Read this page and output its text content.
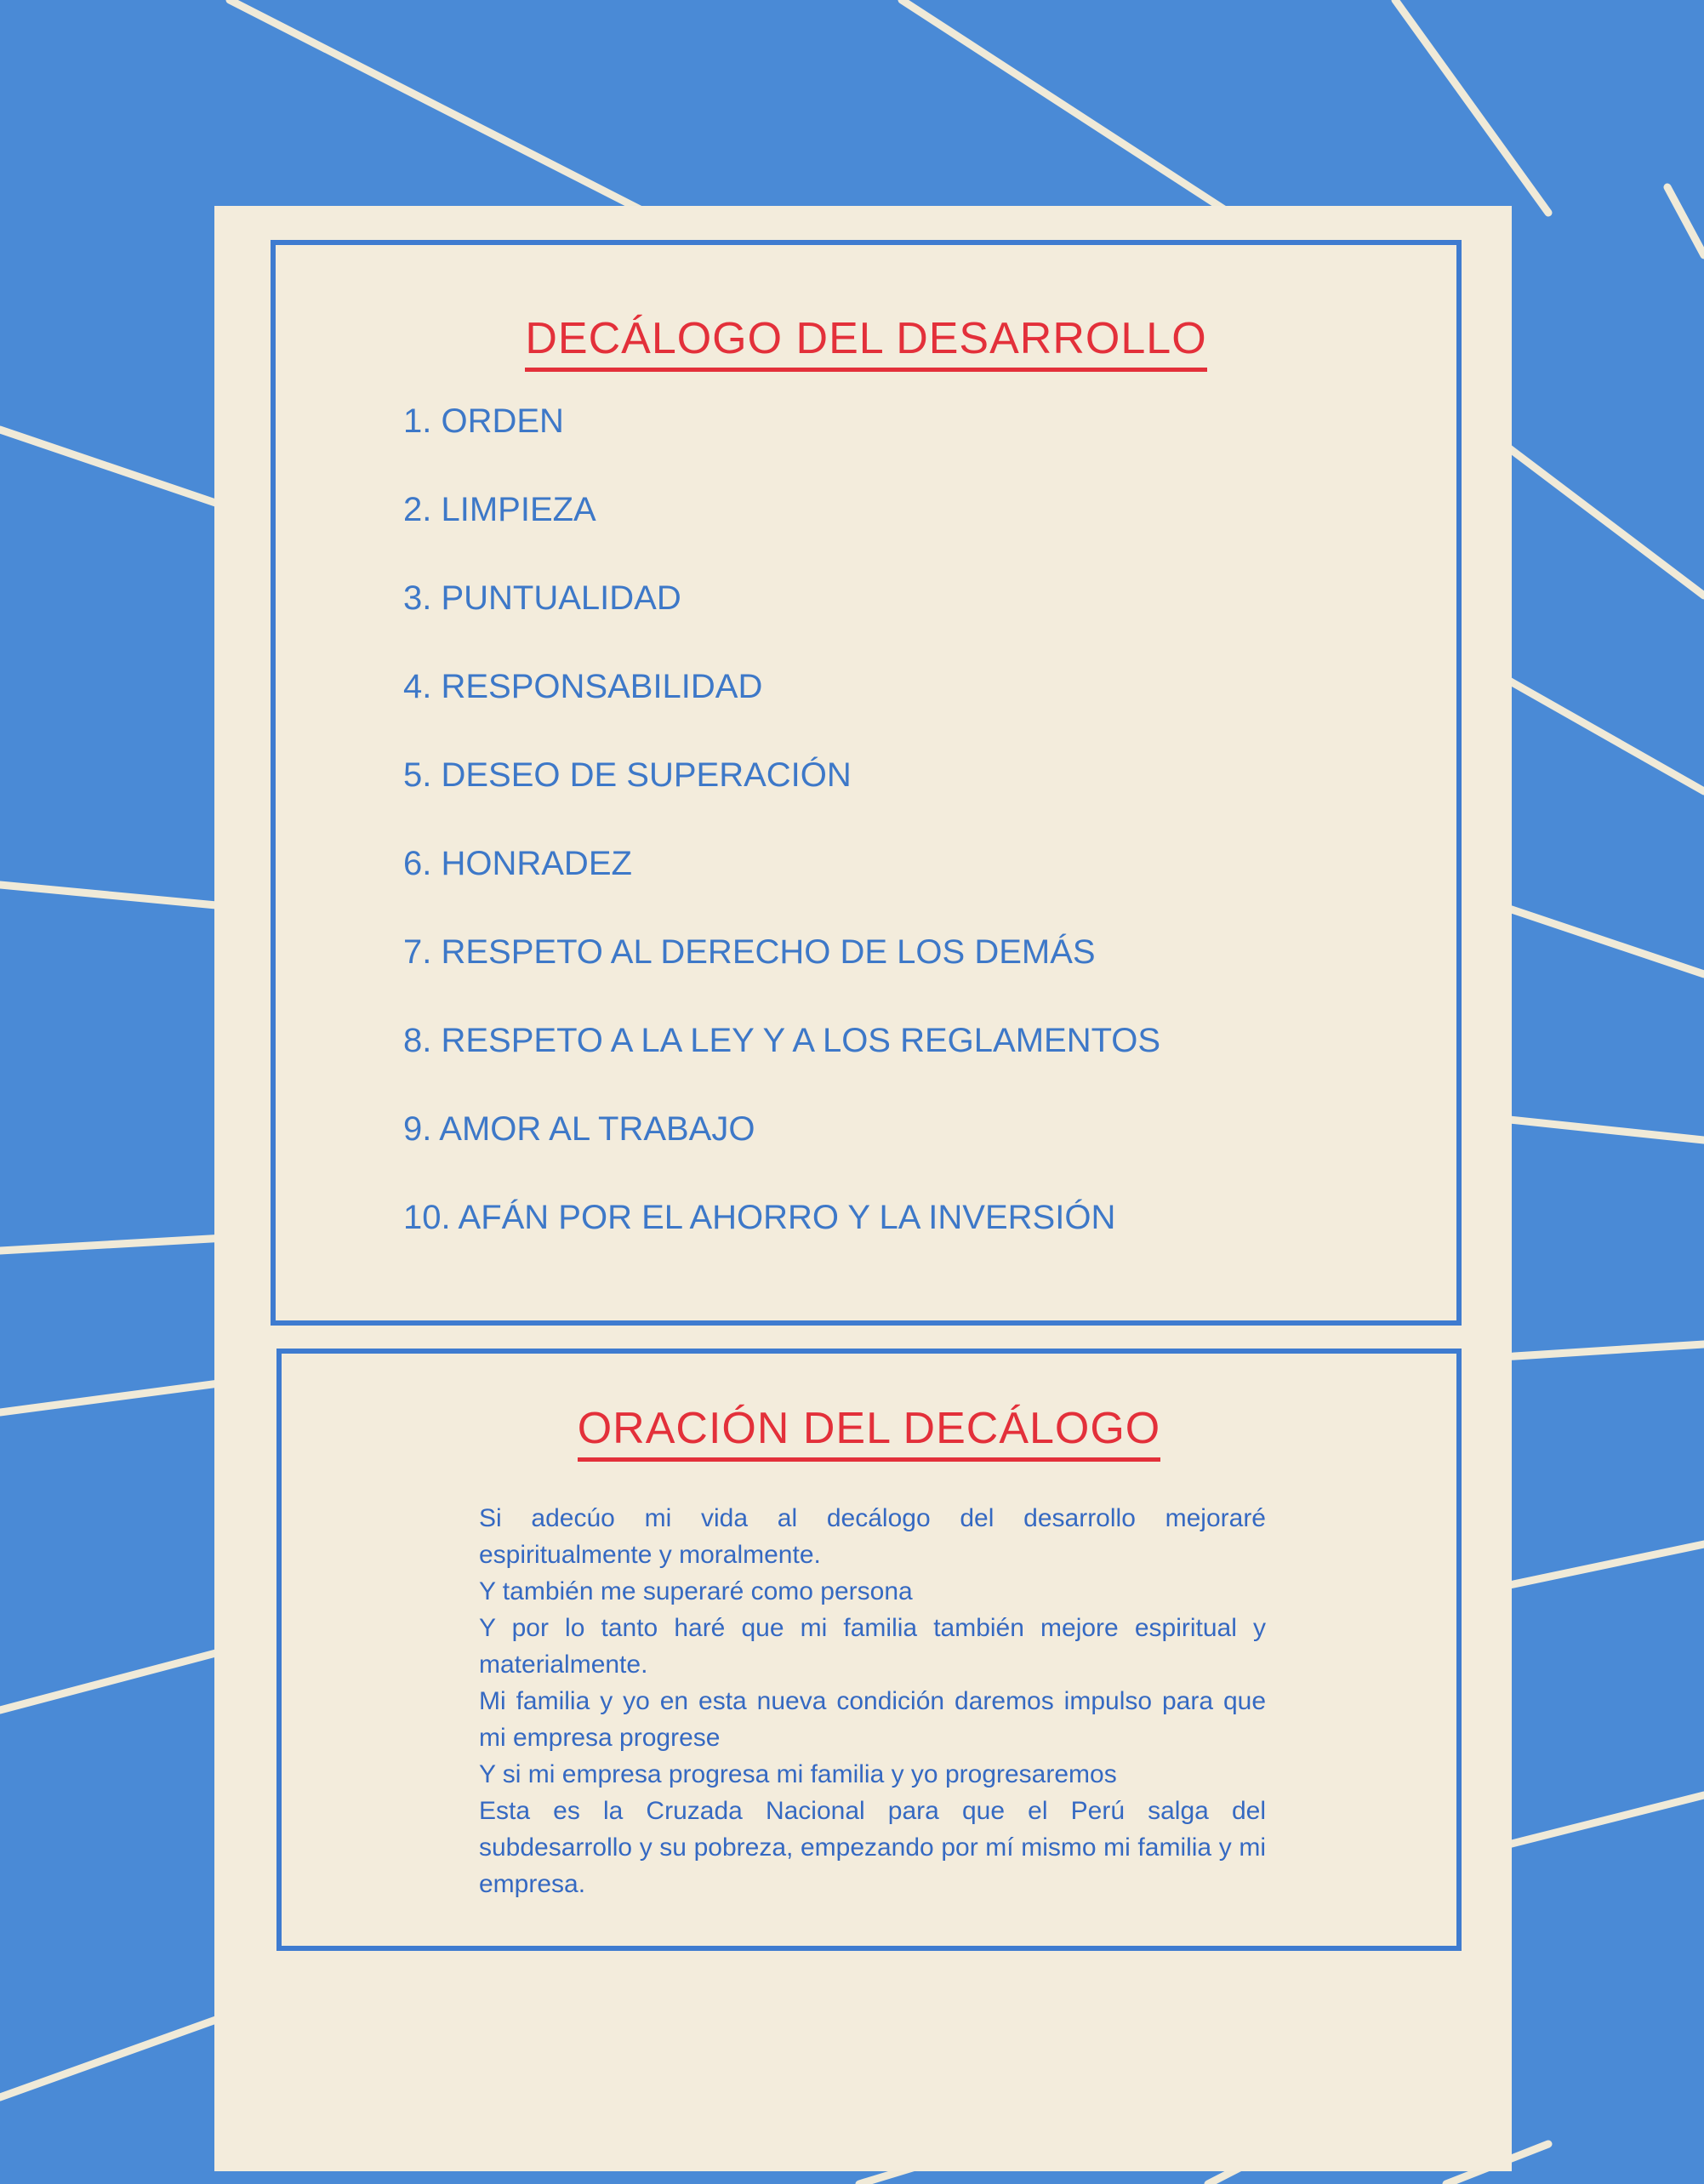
DECÁLOGO DEL DESARROLLO
1. ORDEN
2. LIMPIEZA
3. PUNTUALIDAD
4. RESPONSABILIDAD
5. DESEO DE SUPERACIÓN
6. HONRADEZ
7. RESPETO AL DERECHO DE LOS DEMÁS
8. RESPETO A LA LEY Y A LOS REGLAMENTOS
9. AMOR AL TRABAJO
10. AFÁN POR EL AHORRO Y LA INVERSIÓN
ORACIÓN DEL DECÁLOGO

Si adecúo mi vida al decálogo del desarrollo mejoraré espiritualmente y moralmente.
Y también me superaré como persona
Y por lo tanto haré que mi familia también mejore espiritual y materialmente.
Mi familia y yo en esta nueva condición daremos impulso para que mi empresa progrese
Y si mi empresa progresa mi familia y yo progresaremos
Esta es la Cruzada Nacional para que el Perú salga del subdesarrollo y su pobreza, empezando por mí mismo mi familia y mi empresa.
